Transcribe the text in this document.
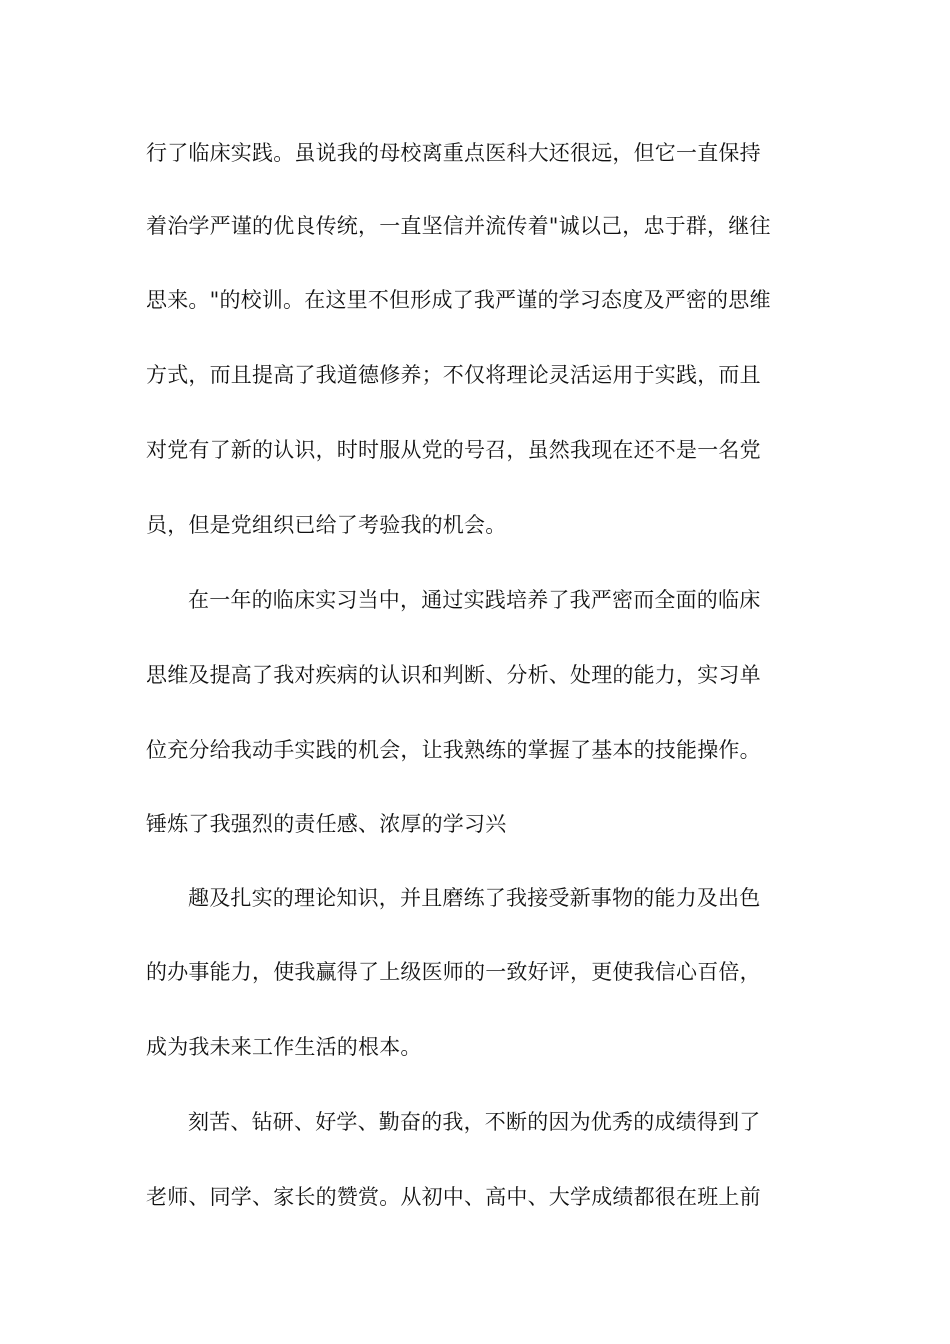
行了临床实践。虽说我的母校离重点医科大还很远，但它一直保持
着治学严谨的优良传统，一直坚信并流传着"诚以己，忠于群，继往
思来。"的校训。在这里不但形成了我严谨的学习态度及严密的思维
方式，而且提高了我道德修养；不仅将理论灵活运用于实践，而且
对党有了新的认识，时时服从党的号召，虽然我现在还不是一名党
员，但是党组织已给了考验我的机会。
在一年的临床实习当中，通过实践培养了我严密而全面的临床
思维及提高了我对疾病的认识和判断、分析、处理的能力，实习单
位充分给我动手实践的机会，让我熟练的掌握了基本的技能操作。
锤炼了我强烈的责任感、浓厚的学习兴
趣及扎实的理论知识，并且磨练了我接受新事物的能力及出色
的办事能力，使我赢得了上级医师的一致好评，更使我信心百倍，
成为我未来工作生活的根本。
刻苦、钻研、好学、勤奋的我，不断的因为优秀的成绩得到了
老师、同学、家长的赞赏。从初中、高中、大学成绩都很在班上前
